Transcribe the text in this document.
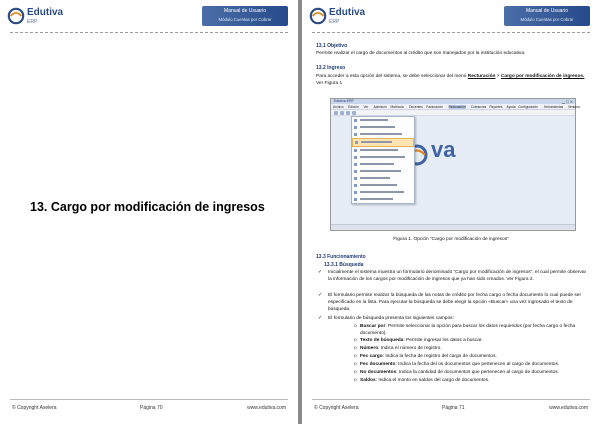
Edutiva
ERP
Manual de Usuario
Módulo Cuentas por Cobrar
13. Cargo por modificación de ingresos
© Copyright Axelera	Página 70	www.edutiva.com
Edutiva
ERP
Manual de Usuario
Módulo Cuentas por Cobrar
13.1 Objetivo
Permite realizar el cargo de documentos al crédito que son manejados por la institución educativa.
13.2 Ingreso
Para acceder a esta opción del sistema, se debe seleccionar del menú Recturación > Cargo por modificación de ingresos. Ver Figura 1
Edutiva ERP	▁ ▢ ✕
Archivo Edición Ver Admisión Matrícula Docentes Facturación Recturación Cobranzas Reportes Ayuda Configuración Herramientas Ventana
va
Figura 1. Opción “Cargo por modificación de ingresos”
13.3 Funcionamiento
13.3.1 Búsqueda
✓ Inicialmente el sistema muestra un formulario denominado “Cargo por modificación de ingresos”, el cual permite observar la información de los cargos por modificación de ingresos que ya han sido creados. Ver Figura 2.
✓ El formulario permite realizar la búsqueda de las notas de crédito por fecha cargo o fecha documento lo cual puede ser especificado en la lista. Para ejecutar la búsqueda se debe elegir la opción «Buscar» una vez ingresado el texto de búsqueda.
✓ El formulario de búsqueda presenta los siguientes campos:
o Buscar por: Permite seleccionar la opción para buscar los datos requeridos (por fecha cargo o fecha documento).
o Texto de búsqueda: Permite ingresar los datos a buscar.
o Número: Indica el número de registro.
o Fec cargo: Indica la fecha de registro del cargo de documentos.
o Fec documento: Indica la fecha del os documentos que pertenecen al cargo de documentos.
o No documentos: Indica la cantidad de documentos que pertenecen al cargo de documentos.
o Saldos: Indica el monto en saldos del cargo de documentos.
© Copyright Axelera	Página 71	www.edutiva.com
